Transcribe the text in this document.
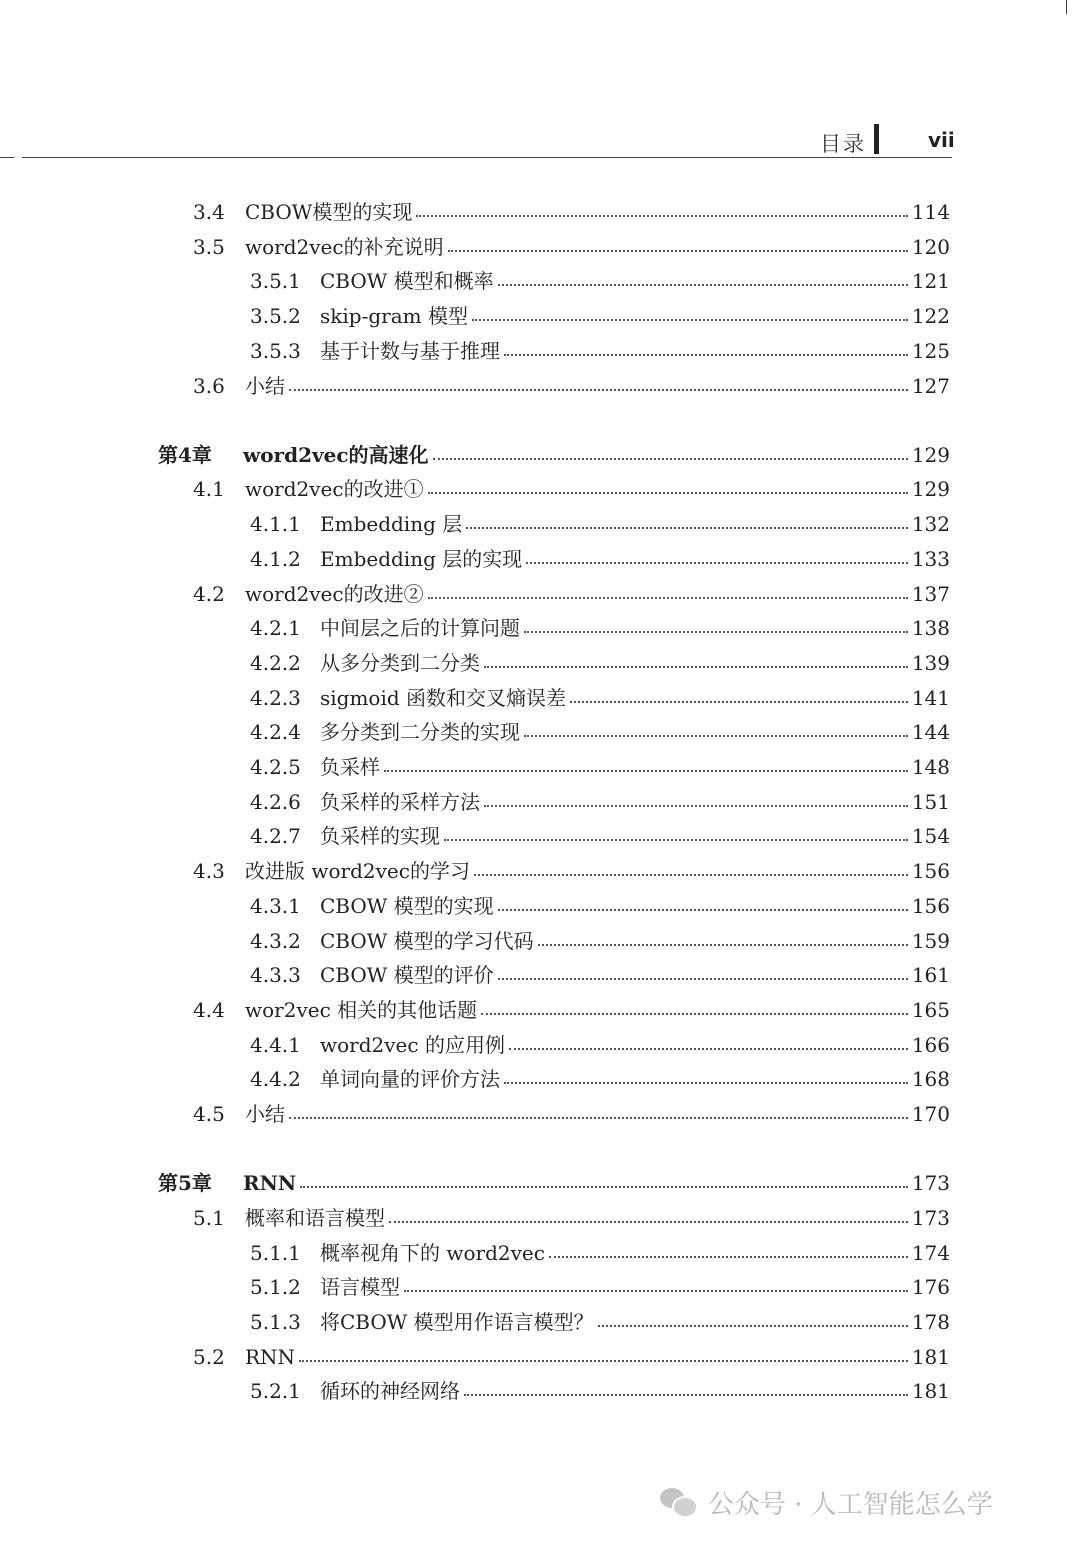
目录	vii
3.4	CBOW模型的实现	114
3.5	word2vec的补充说明	120
3.5.1 CBOW 模型和概率	121
3.5.2 skip-gram 模型	122
3.5.3 基于计数与基于推理	125
3.6	小结	127
第4章	word2vec的高速化	129
4.1	word2vec的改进①	129
4.1.1 Embedding 层	132
4.1.2 Embedding 层的实现	133
4.2	word2vec的改进②	137
4.2.1 中间层之后的计算问题	138
4.2.2 从多分类到二分类	139
4.2.3 sigmoid 函数和交叉熵误差	141
4.2.4 多分类到二分类的实现	144
4.2.5 负采样	148
4.2.6 负采样的采样方法	151
4.2.7 负采样的实现	154
4.3	改进版 word2vec的学习	156
4.3.1 CBOW 模型的实现	156
4.3.2 CBOW 模型的学习代码	159
4.3.3 CBOW 模型的评价	161
4.4	wor2vec 相关的其他话题	165
4.4.1 word2vec 的应用例	166
4.4.2 单词向量的评价方法	168
4.5	小结	170
第5章	RNN	173
5.1	概率和语言模型	173
5.1.1 概率视角下的 word2vec	174
5.1.2 语言模型	176
5.1.3 将CBOW 模型用作语言模型？	178
5.2	RNN	181
5.2.1 循环的神经网络	181
公众号 · 人工智能怎么学
